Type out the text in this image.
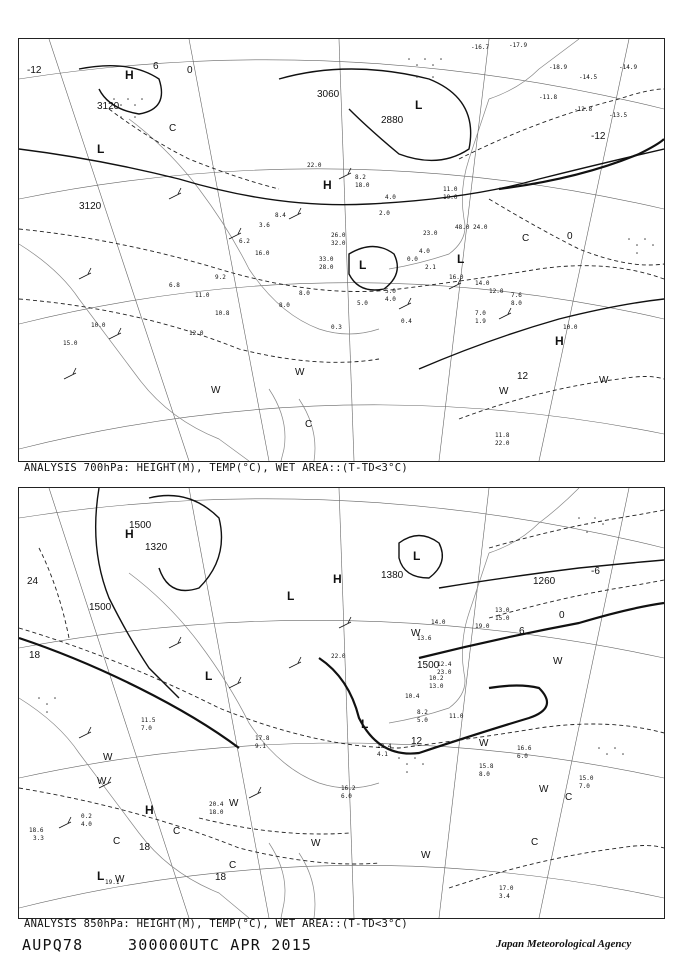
3120
3120
3060
2880
-12
-12
0
0
6
12
H
L
H
L
L	L
H
C
C
W
W
W
W
C
-16.7	-17.9
-18.9
-14.5
-14.9
-11.8
-12.8
-13.5
11.0
19.0
48.0 24.0
16.0
14.0
12.0
7.6
8.0
7.0
1.9
10.0
23.0
5.0
4.0
0.4
8.2
18.0
22.0
4.0
3.6
6.2
9.2
11.0
11.8
22.0
33.0
28.0
0.3
8.0
2.0
8.4
10.8
12.0
4.0
0.0
8.0
16.0
26.0
32.0
5.0
2.1
6.8
10.0
15.0
ANALYSIS 700hPa: HEIGHT(M), TEMP(°C), WET AREA::(T-TD<3°C)
1500
1500
1500
1380
1320
1260
18
18
18
24
12
6
0
-6
H
L
H
L
L
L
H
L
C
C
C	C
C
W
W
W
W
W
W
W
W
W
W
17.0
3.4
15.0
7.0
15.8
8.0
16.6
6.0
13.4
4.1
10.4
13.0
10.2
23.0
12.4
13.6
14.0
19.0
13.0
15.0
11.0
8.2
5.0
22.0
20.4
18.0
17.8
9.1
16.2
6.0
11.5
7.0
19.1
18.6
3.3
0.2
4.0
ANALYSIS 850hPa: HEIGHT(M), TEMP(°C), WET AREA::(T-TD<3°C)
AUPQ78	300000UTC APR 2015	Japan Meteorological Agency
